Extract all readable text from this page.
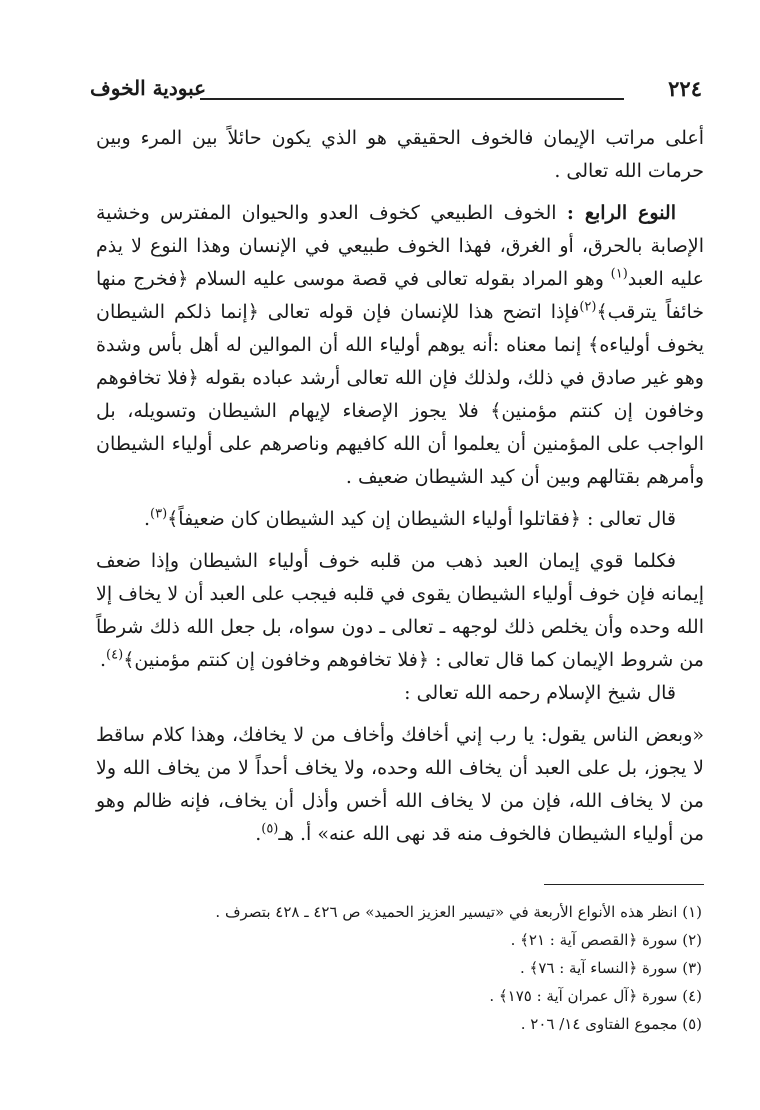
٢٢٤
عبودية الخوف

أعلى مراتب الإيمان فالخوف الحقيقي هو الذي يكون حائلاً بين المرء وبين حرمات الله تعالى .

النوع الرابع : الخوف الطبيعي كخوف العدو والحيوان المفترس وخشية الإصابة بالحرق، أو الغرق، فهذا الخوف طبيعي في الإنسان وهذا النوع لا يذم عليه العبد$^{(١)}$ وهو المراد بقوله تعالى في قصة موسى عليه السلام ﴿فخرج منها خائفاً يترقب﴾$^{(٢)}$فإذا اتضح هذا للإنسان فإن قوله تعالى ﴿إنما ذلكم الشيطان يخوف أولياءه﴾ إنما معناه :أنه يوهم أولياء الله أن الموالين له أهل بأس وشدة وهو غير صادق في ذلك، ولذلك فإن الله تعالى أرشد عباده بقوله ﴿فلا تخافوهم وخافون إن كنتم مؤمنين﴾ فلا يجوز الإصغاء لإيهام الشيطان وتسويله، بل الواجب على المؤمنين أن يعلموا أن الله كافيهم وناصرهم على أولياء الشيطان وأمرهم بقتالهم وبين أن كيد الشيطان ضعيف .

قال تعالى : ﴿فقاتلوا أولياء الشيطان إن كيد الشيطان كان ضعيفاً﴾$^{(٣)}$.

فكلما قوي إيمان العبد ذهب من قلبه خوف أولياء الشيطان وإذا ضعف إيمانه فإن خوف أولياء الشيطان يقوى في قلبه فيجب على العبد أن لا يخاف إلا الله وحده وأن يخلص ذلك لوجهه ـ تعالى ـ دون سواه، بل جعل الله ذلك شرطاً من شروط الإيمان كما قال تعالى : ﴿فلا تخافوهم وخافون إن كنتم مؤمنين﴾$^{(٤)}$.

قال شيخ الإسلام رحمه الله تعالى :

«وبعض الناس يقول: يا رب إني أخافك وأخاف من لا يخافك، وهذا كلام ساقط لا يجوز، بل على العبد أن يخاف الله وحده، ولا يخاف أحداً لا من يخاف الله ولا من لا يخاف الله، فإن من لا يخاف الله أخس وأذل أن يخاف، فإنه ظالم وهو من أولياء الشيطان فالخوف منه قد نهى الله عنه» أ. هـ$^{(٥)}$.

(١) انظر هذه الأنواع الأربعة في «تيسير العزيز الحميد» ص ٤٢٦ ـ ٤٢٨ بتصرف .
(٢) سورة ﴿القصص آية : ٢١﴾ .
(٣) سورة ﴿النساء آية : ٧٦﴾ .
(٤) سورة ﴿آل عمران آية : ١٧٥﴾ .
(٥) مجموع الفتاوى ١٤/ ٢٠٦ .
